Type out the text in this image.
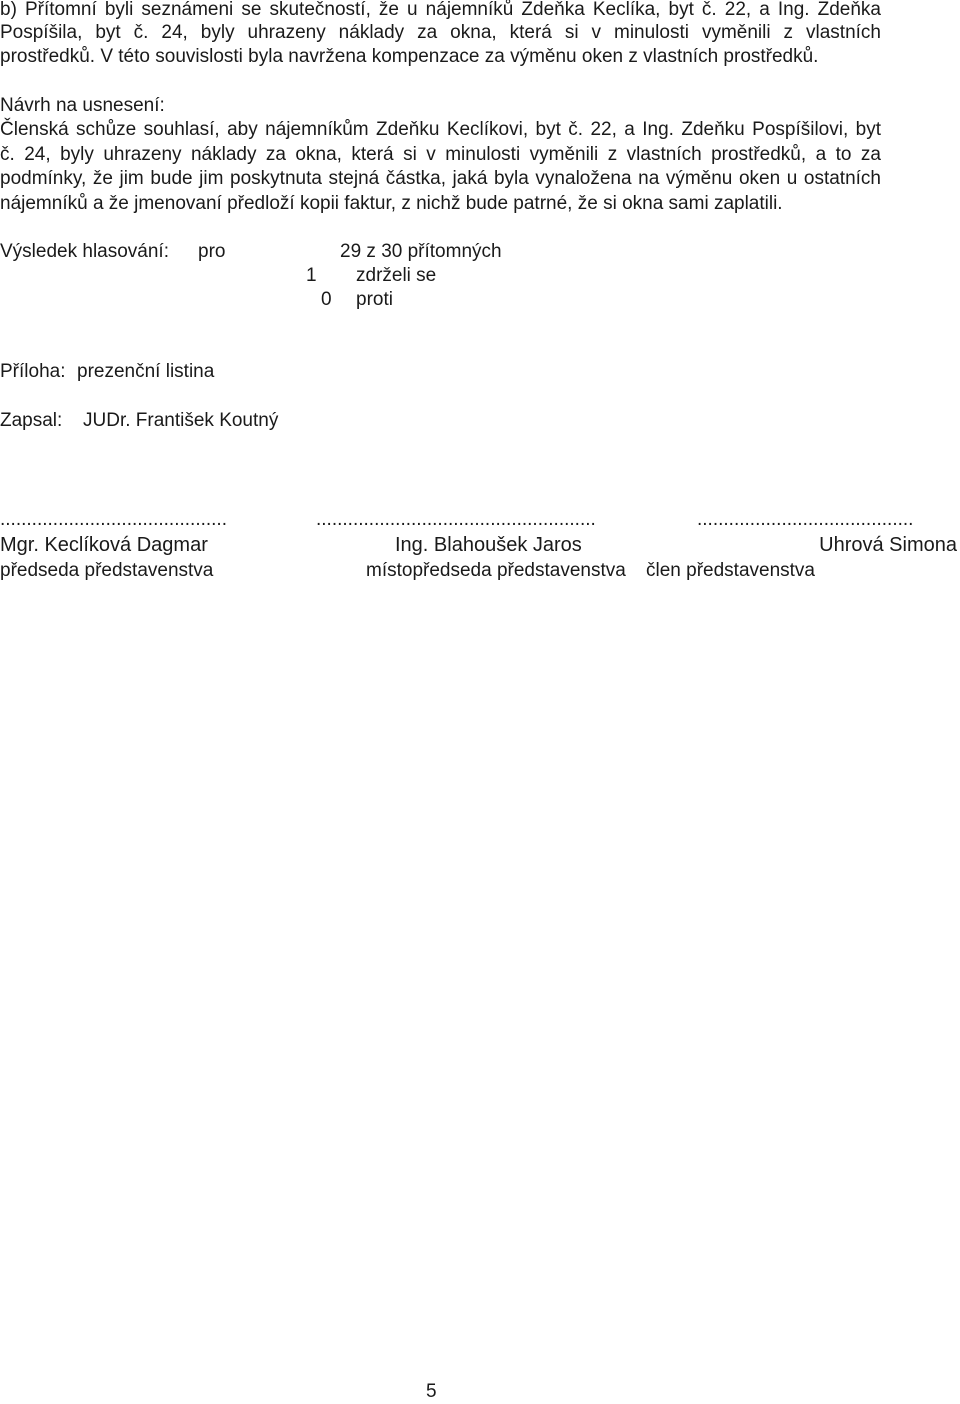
b) Přítomní byli seznámeni se skutečností, že u nájemníků Zdeňka Keclíka, byt č. 22, a Ing. Zdeňka
Pospíšila, byt č. 24, byly uhrazeny náklady za okna, která si v minulosti vyměnili z vlastních
prostředků. V této souvislosti byla navržena kompenzace za výměnu oken z vlastních prostředků.
Návrh na usnesení:
Členská schůze souhlasí, aby nájemníkům Zdeňku Keclíkovi, byt č. 22, a Ing. Zdeňku Pospíšilovi, byt
č. 24, byly uhrazeny náklady za okna, která si v minulosti vyměnili z vlastních prostředků, a to za
podmínky, že jim bude jim poskytnuta stejná částka, jaká byla vynaložena na výměnu oken u ostatních
nájemníků a že jmenovaní předloží kopii faktur, z nichž bude patrné, že si okna sami zaplatili.
Výsledek hlasování: pro	29 z 30 přítomných
1 zdrželi se
0 proti
Příloha: prezenční listina
Zapsal: JUDr. František Koutný
...........................................	.....................................................	.........................................
Mgr. Keclíková Dagmar	Ing. Blahoušek Jaros	Uhrová Simona
předseda představenstva	místopředseda představenstva člen představenstva
5
